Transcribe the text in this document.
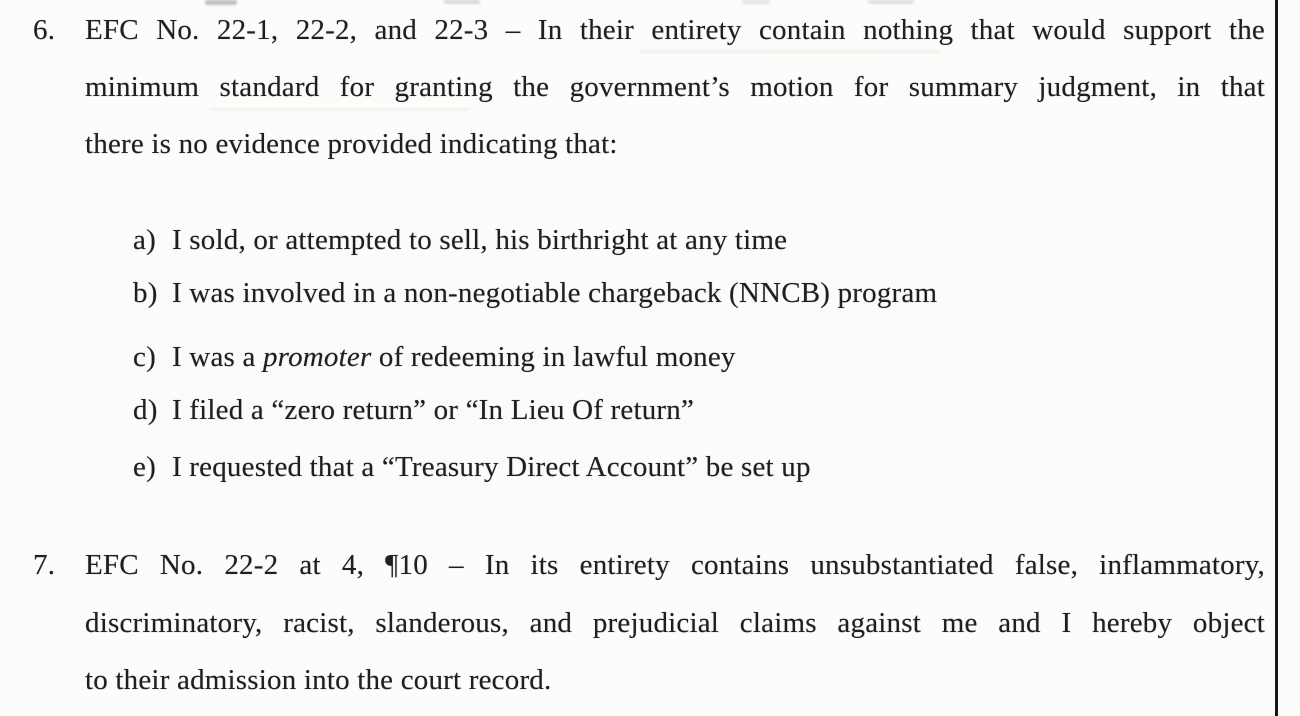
6.	EFC No. 22-1, 22-2, and 22-3 – In their entirety contain nothing that would support the
minimum standard for granting the government’s motion for summary judgment, in that
there is no evidence provided indicating that:
a) I sold, or attempted to sell, his birthright at any time
b) I was involved in a non-negotiable chargeback (NNCB) program
c) I was a promoter of redeeming in lawful money
d) I filed a “zero return” or “In Lieu Of return”
e) I requested that a “Treasury Direct Account” be set up
7.	EFC No. 22-2 at 4, ¶10 – In its entirety contains unsubstantiated false, inflammatory,
discriminatory, racist, slanderous, and prejudicial claims against me and I hereby object
to their admission into the court record.
